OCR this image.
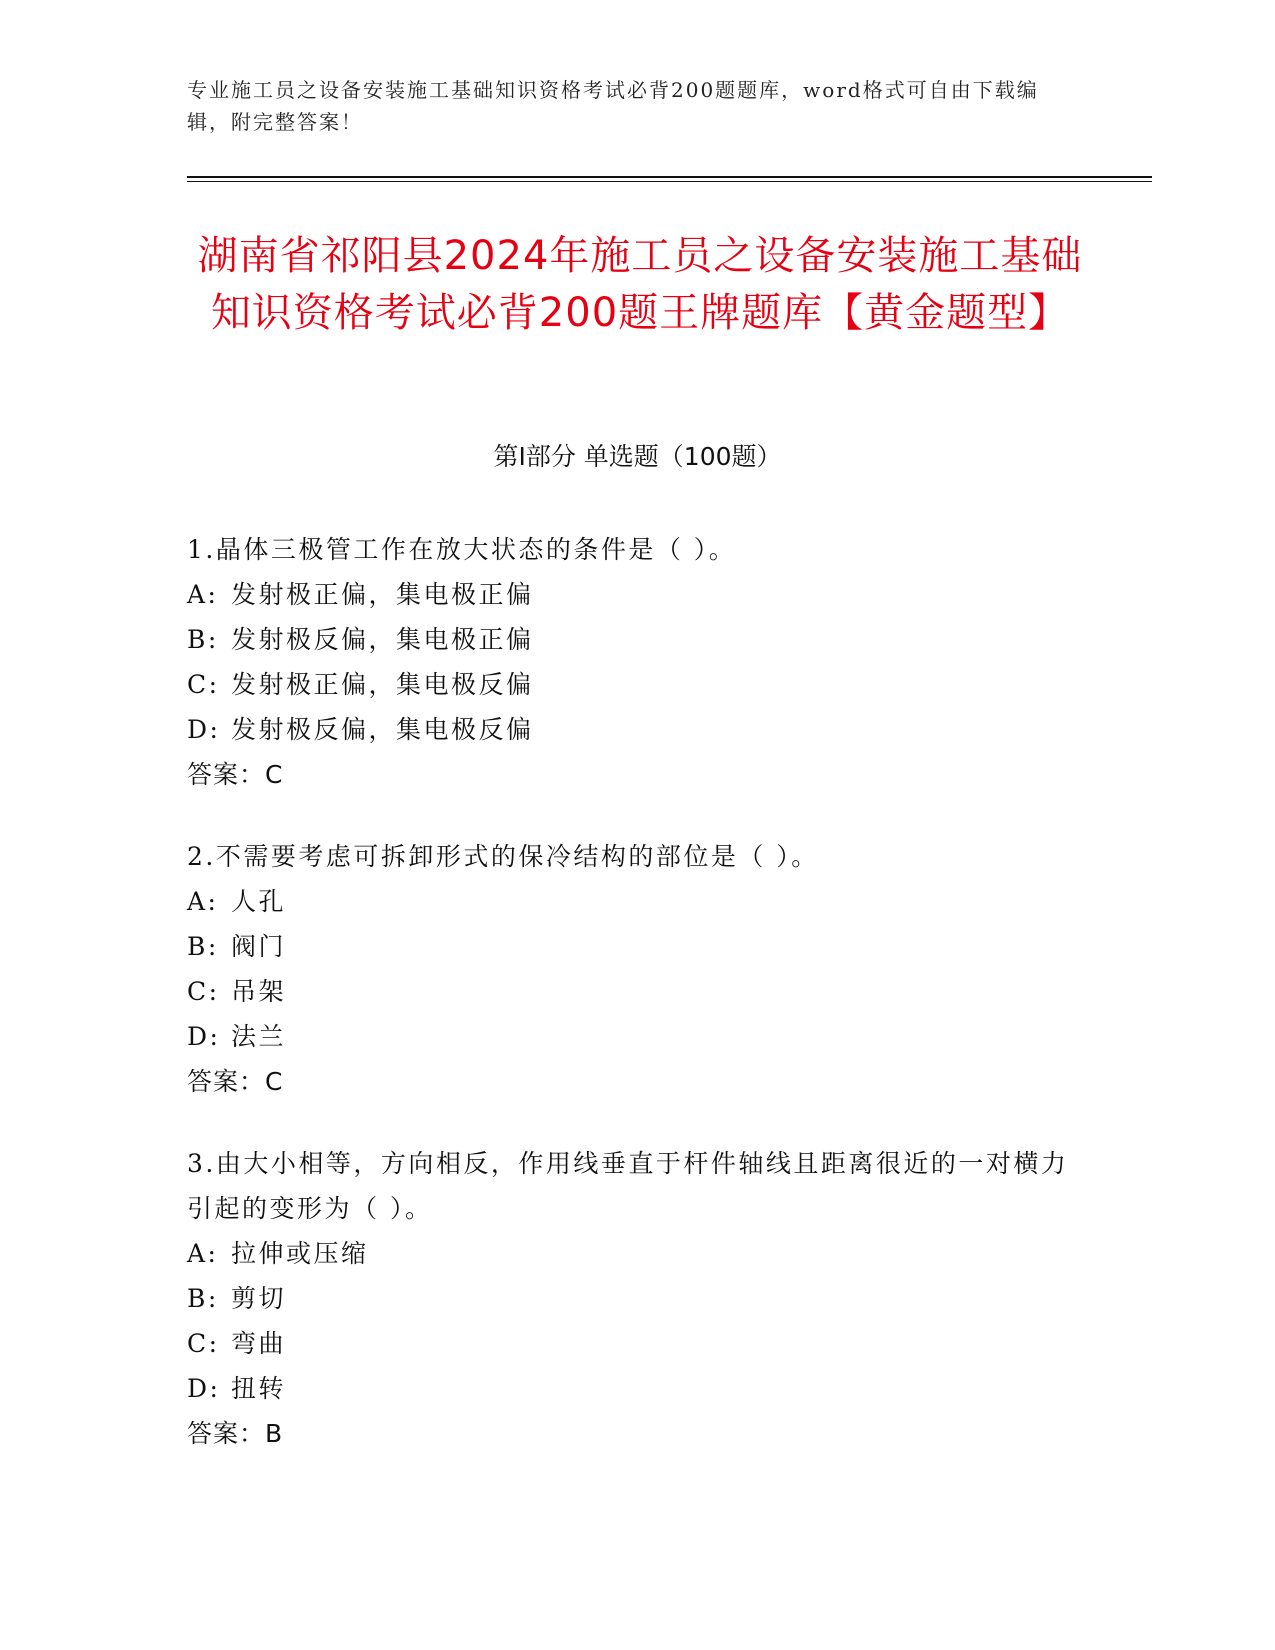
专业施工员之设备安装施工基础知识资格考试必背200题题库，word格式可自由下载编辑，附完整答案！
湖南省祁阳县2024年施工员之设备安装施工基础知识资格考试必背200题王牌题库【黄金题型】
第Ⅰ部分 单选题（100题）
1.晶体三极管工作在放大状态的条件是（ ）。
A: 发射极正偏，集电极正偏
B: 发射极反偏，集电极正偏
C: 发射极正偏，集电极反偏
D: 发射极反偏，集电极反偏
答案：C
2.不需要考虑可拆卸形式的保冷结构的部位是（ ）。
A: 人孔
B: 阀门
C: 吊架
D: 法兰
答案：C
3.由大小相等，方向相反，作用线垂直于杆件轴线且距离很近的一对横力引起的变形为（ ）。
A: 拉伸或压缩
B: 剪切
C: 弯曲
D: 扭转
答案：B
